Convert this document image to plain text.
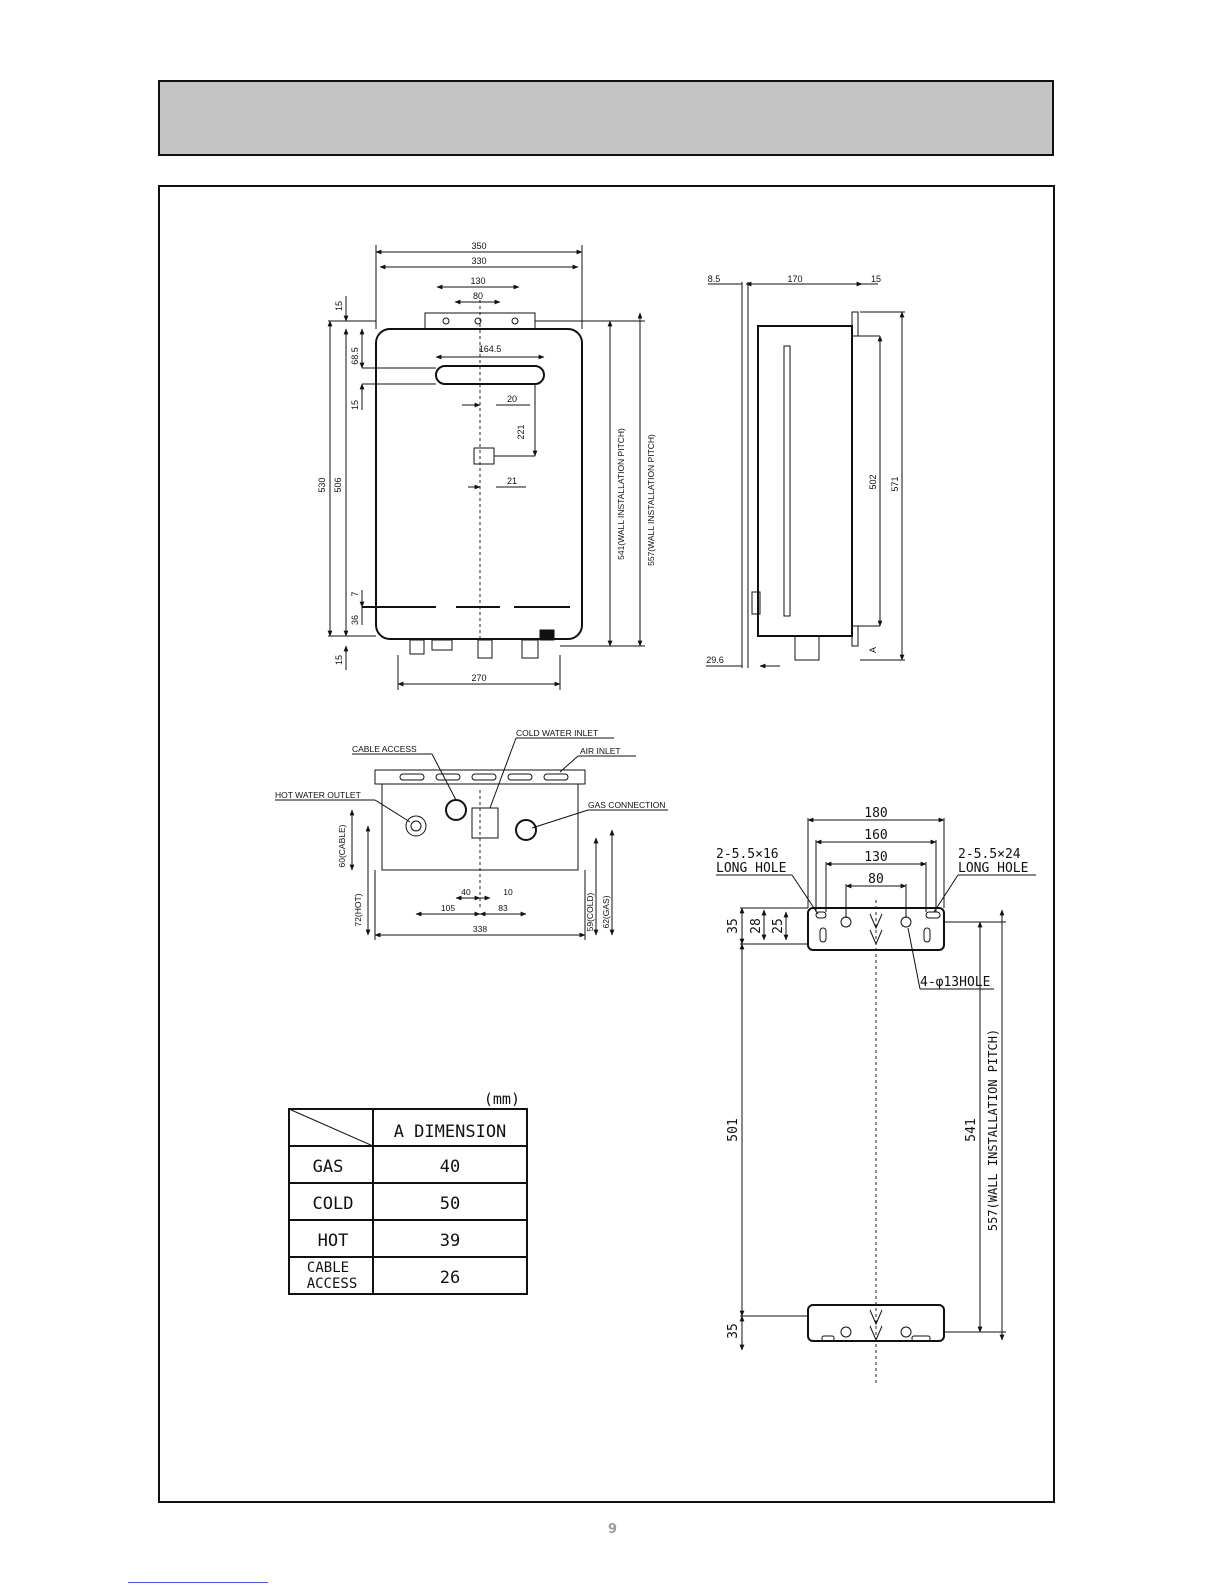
350
330
130
80
164.5
20
21
221
15
68.5
15
530 506
7
36
15
541(WALL INSTALLATION PITCH) 557(WALL INSTALLATION PITCH)
270
8.5	170	15
502 571
A
29.6
CABLE ACCESS
COLD WATER INLET
AIR INLET
HOT WATER OUTLET
GAS CONNECTION
60(CABLE)
72(HOT)	59(COLD) 62(GAS)
40	10
105	83
338
180
160
130
80
2-5.5×16
LONG HOLE
2-5.5×24
LONG HOLE
4-φ13HOLE
35 28 25
501
35
541 557(WALL INSTALLATION PITCH)
(mm)
A DIMENSION
GAS	40
COLD	50
HOT	39
CABLE
ACCESS	26
9
